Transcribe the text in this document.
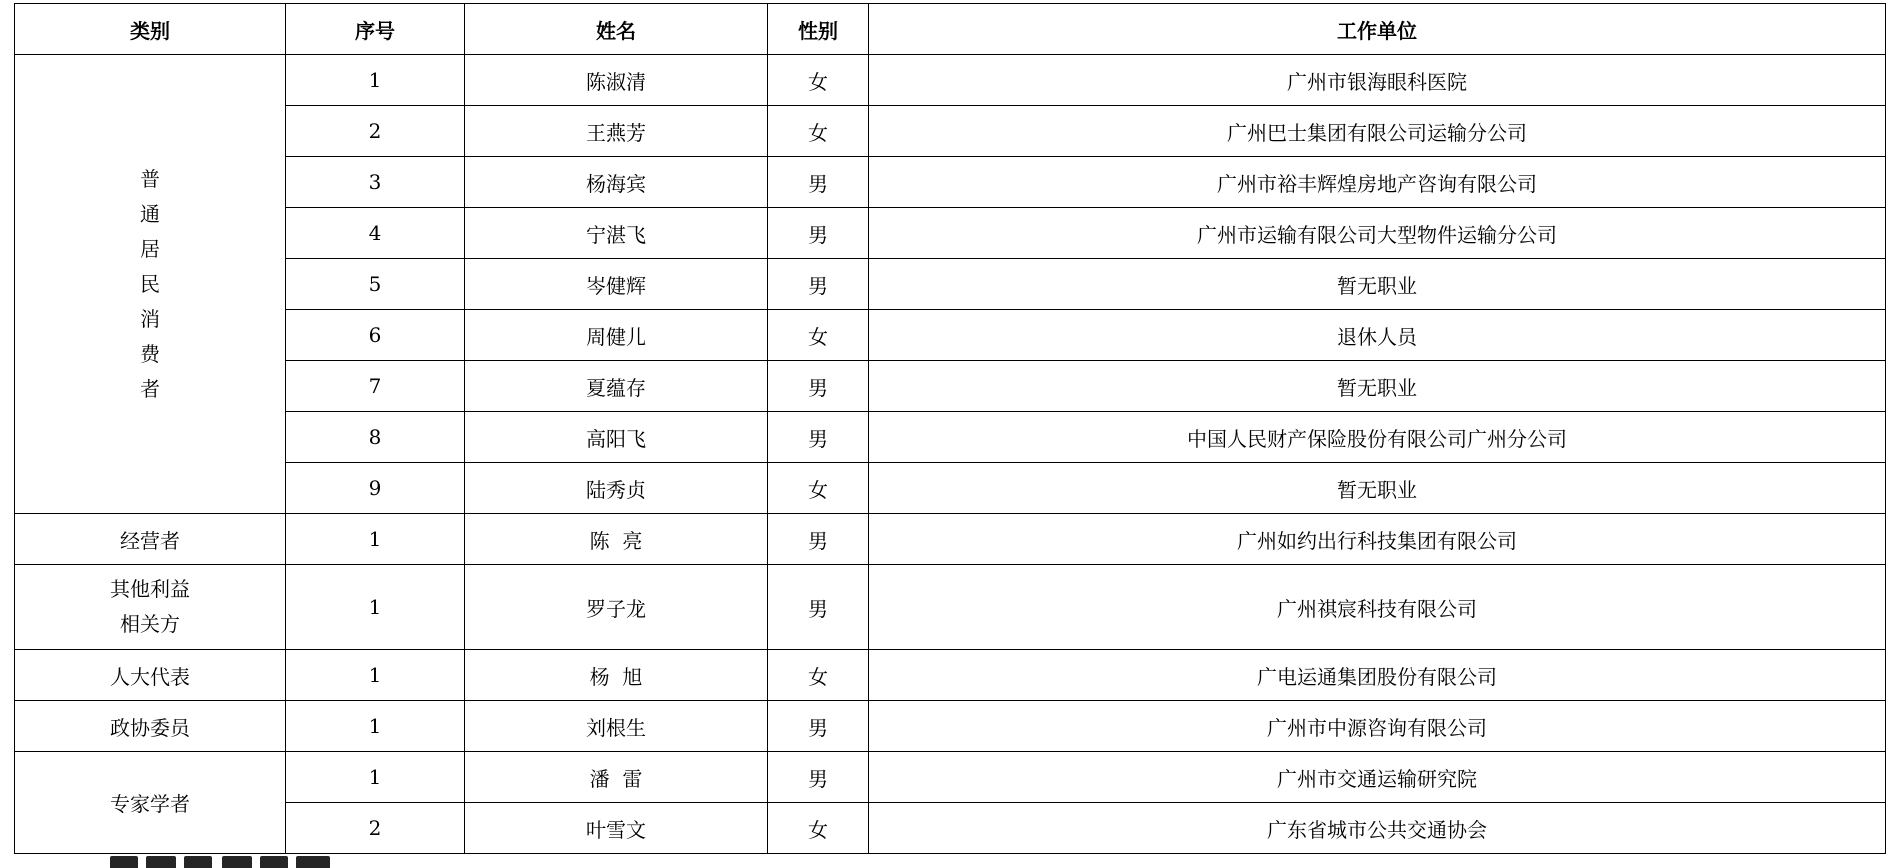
类别	序号	姓名	性别	工作单位
普通居民消费者	1	陈淑清	女	广州市银海眼科医院
	2	王燕芳	女	广州巴士集团有限公司运输分公司
	3	杨海宾	男	广州市裕丰辉煌房地产咨询有限公司
	4	宁湛飞	男	广州市运输有限公司大型物件运输分公司
	5	岑健辉	男	暂无职业
	6	周健儿	女	退休人员
	7	夏蕴存	男	暂无职业
	8	高阳飞	男	中国人民财产保险股份有限公司广州分公司
	9	陆秀贞	女	暂无职业
经营者	1	陈  亮	男	广州如约出行科技集团有限公司
其他利益相关方	1	罗子龙	男	广州祺宸科技有限公司
人大代表	1	杨  旭	女	广电运通集团股份有限公司
政协委员	1	刘根生	男	广州市中源咨询有限公司
专家学者	1	潘  雷	男	广州市交通运输研究院
	2	叶雪文	女	广东省城市公共交通协会
